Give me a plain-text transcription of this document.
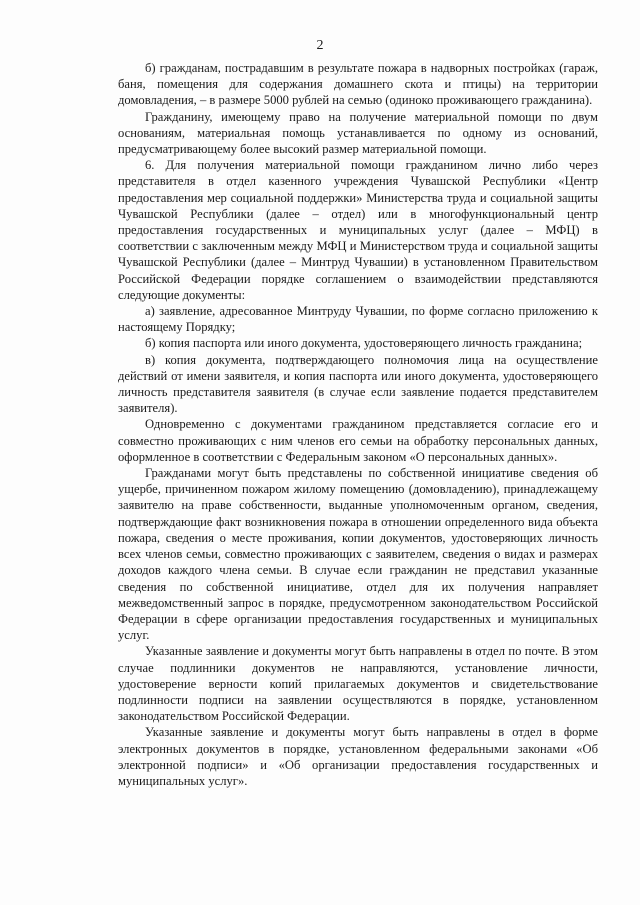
2

б) гражданам, пострадавшим в результате пожара в надворных постройках (гараж, баня, помещения для содержания домашнего скота и птицы) на территории домовладения, – в размере 5000 рублей на семью (одиноко проживающего гражданина).

Гражданину, имеющему право на получение материальной помощи по двум основаниям, материальная помощь устанавливается по одному из оснований, предусматривающему более высокий размер материальной помощи.

6. Для получения материальной помощи гражданином лично либо через представителя в отдел казенного учреждения Чувашской Республики «Центр предоставления мер социальной поддержки» Министерства труда и социальной защиты Чувашской Республики (далее – отдел) или в многофункциональный центр предоставления государственных и муниципальных услуг (далее – МФЦ) в соответствии с заключенным между МФЦ и Министерством труда и социальной защиты Чувашской Республики (далее – Минтруд Чувашии) в установленном Правительством Российской Федерации порядке соглашением о взаимодействии представляются следующие документы:

а) заявление, адресованное Минтруду Чувашии, по форме согласно приложению к настоящему Порядку;

б) копия паспорта или иного документа, удостоверяющего личность гражданина;

в) копия документа, подтверждающего полномочия лица на осуществление действий от имени заявителя, и копия паспорта или иного документа, удостоверяющего личность представителя заявителя (в случае если заявление подается представителем заявителя).

Одновременно с документами гражданином представляется согласие его и совместно проживающих с ним членов его семьи на обработку персональных данных, оформленное в соответствии с Федеральным законом «О персональных данных».

Гражданами могут быть представлены по собственной инициативе сведения об ущербе, причиненном пожаром жилому помещению (домовладению), принадлежащему заявителю на праве собственности, выданные уполномоченным органом, сведения, подтверждающие факт возникновения пожара в отношении определенного вида объекта пожара, сведения о месте проживания, копии документов, удостоверяющих личность всех членов семьи, совместно проживающих с заявителем, сведения о видах и размерах доходов каждого члена семьи. В случае если гражданин не представил указанные сведения по собственной инициативе, отдел для их получения направляет межведомственный запрос в порядке, предусмотренном законодательством Российской Федерации в сфере организации предоставления государственных и муниципальных услуг.

Указанные заявление и документы могут быть направлены в отдел по почте. В этом случае подлинники документов не направляются, установление личности, удостоверение верности копий прилагаемых документов и свидетельствование подлинности подписи на заявлении осуществляются в порядке, установленном законодательством Российской Федерации.

Указанные заявление и документы могут быть направлены в отдел в форме электронных документов в порядке, установленном федеральными законами «Об электронной подписи» и «Об организации предоставления государственных и муниципальных услуг».
